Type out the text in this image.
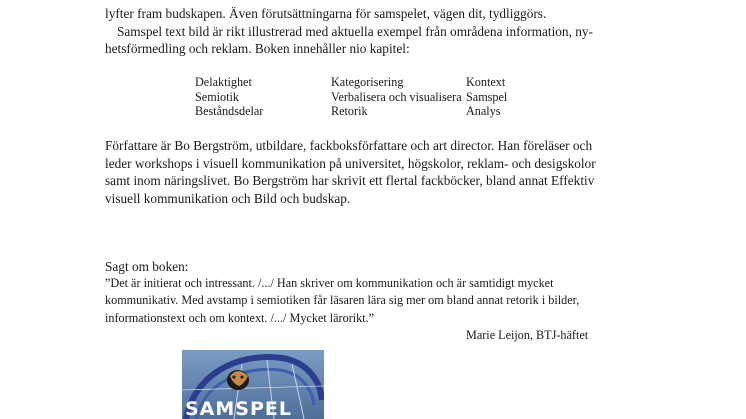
lyfter fram budskapen. Även förutsättningarna för samspelet, vägen dit, tydliggörs.
Samspel text bild är rikt illustrerad med aktuella exempel från områdena information, ny-
hetsförmedling och reklam. Boken innehåller nio kapitel:
Delaktighet
Semiotik
Beståndsdelar
Kategorisering
Verbalisera och visualisera
Retorik
Kontext
Samspel
Analys
Författare är Bo Bergström, utbildare, fackboksförfattare och art director. Han föreläser och
leder workshops i visuell kommunikation på universitet, högskolor, reklam- och desigskolor
samt inom näringslivet. Bo Bergström har skrivit ett flertal fackböcker, bland annat Effektiv
visuell kommunikation och Bild och budskap.
Sagt om boken:
”Det är initierat och intressant. /.../ Han skriver om kommunikation och är samtidigt mycket
kommunikativ. Med avstamp i semiotiken får läsaren lära sig mer om bland annat retorik i bilder,
informationstext och om kontext. /.../ Mycket lärorikt.”
Marie Leijon, BTJ-häftet
SAMSPEL
